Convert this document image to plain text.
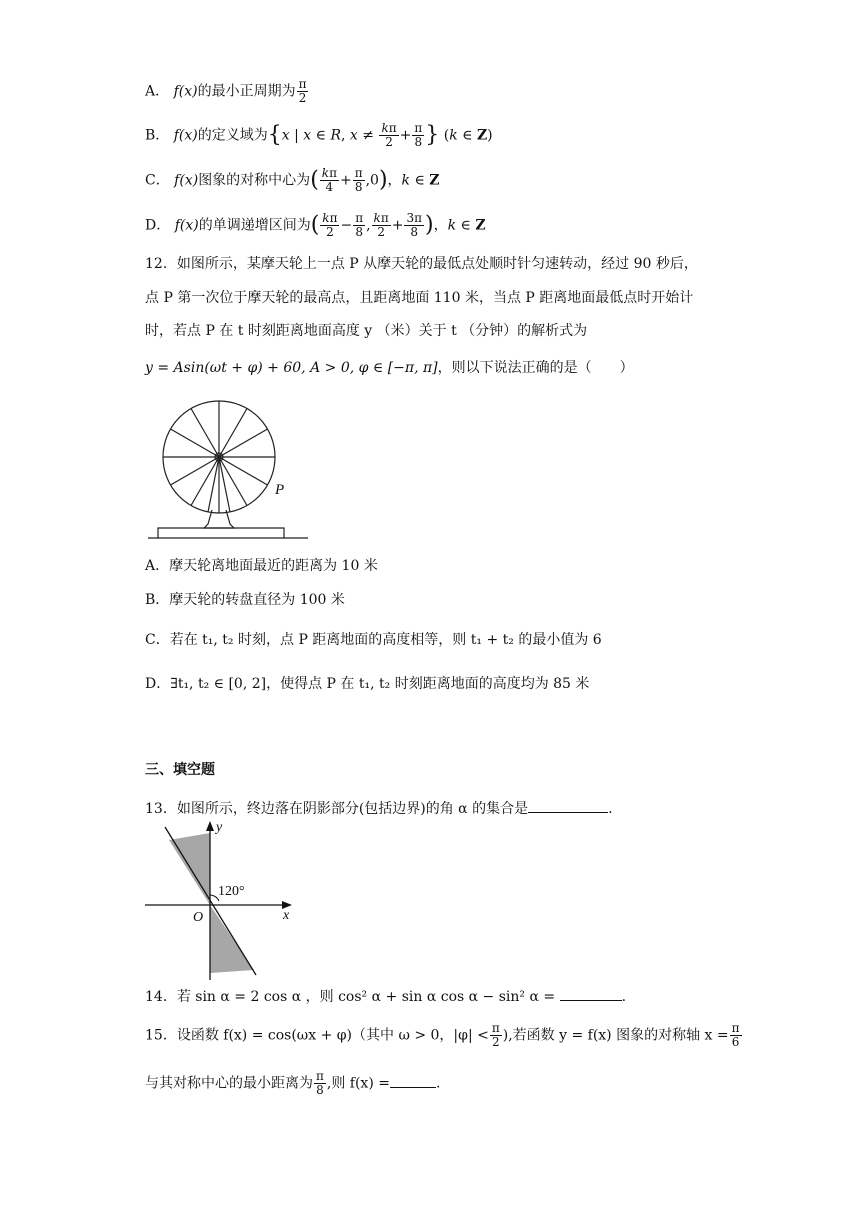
A． f(x)的最小正周期为 $\frac{\pi}{2}$
B． f(x)的定义域为{x | x ∈ R, $x \ne \frac{k\pi}{2} + \frac{\pi}{8}$ } (k ∈ Z)
C． f(x)图象的对称中心为( $\frac{k\pi}{4} + \frac{\pi}{8} ,0$)，k ∈ Z
D． f(x)的单调递增区间为( $\frac{k\pi}{2} - \frac{\pi}{8}$ , $\frac{k\pi}{2} + \frac{3\pi}{8}$ )，k ∈ Z
12．如图所示，某摩天轮上一点 P 从摩天轮的最低点处顺时针匀速转动，经过 90 秒后，
点 P 第一次位于摩天轮的最高点，且距离地面 110 米，当点 P 距离地面最低点时开始计
时，若点 P 在 t 时刻距离地面高度 y （米）关于 t （分钟）的解析式为
y = Asin(ωt + φ) + 60, A > 0, φ ∈ [−π, π]，则以下说法正确的是（　　）
P
A．摩天轮离地面最近的距离为 10 米
B．摩天轮的转盘直径为 100 米
C．若在 t₁, t₂ 时刻，点 P 距离地面的高度相等，则 t₁ + t₂ 的最小值为 6
D．∃t₁, t₂ ∈ [0, 2]，使得点 P 在 t₁, t₂ 时刻距离地面的高度均为 85 米
三、填空题
13．如图所示，终边落在阴影部分(包括边界)的角 α 的集合是	.
y
x
O
120°
14．若 sin α = 2 cos α ，则 cos² α + sin α cos α − sin² α =	.
15．设函数 f(x) = cos(ωx + φ)（其中 ω > 0，$|\varphi| < \frac{\pi}{2}$ ),若函数 y = f(x) 图象的对称轴 $x = \frac{\pi}{6}$
与其对称中心的最小距离为 $\frac{\pi}{8}$ ,则 f(x) =	.
